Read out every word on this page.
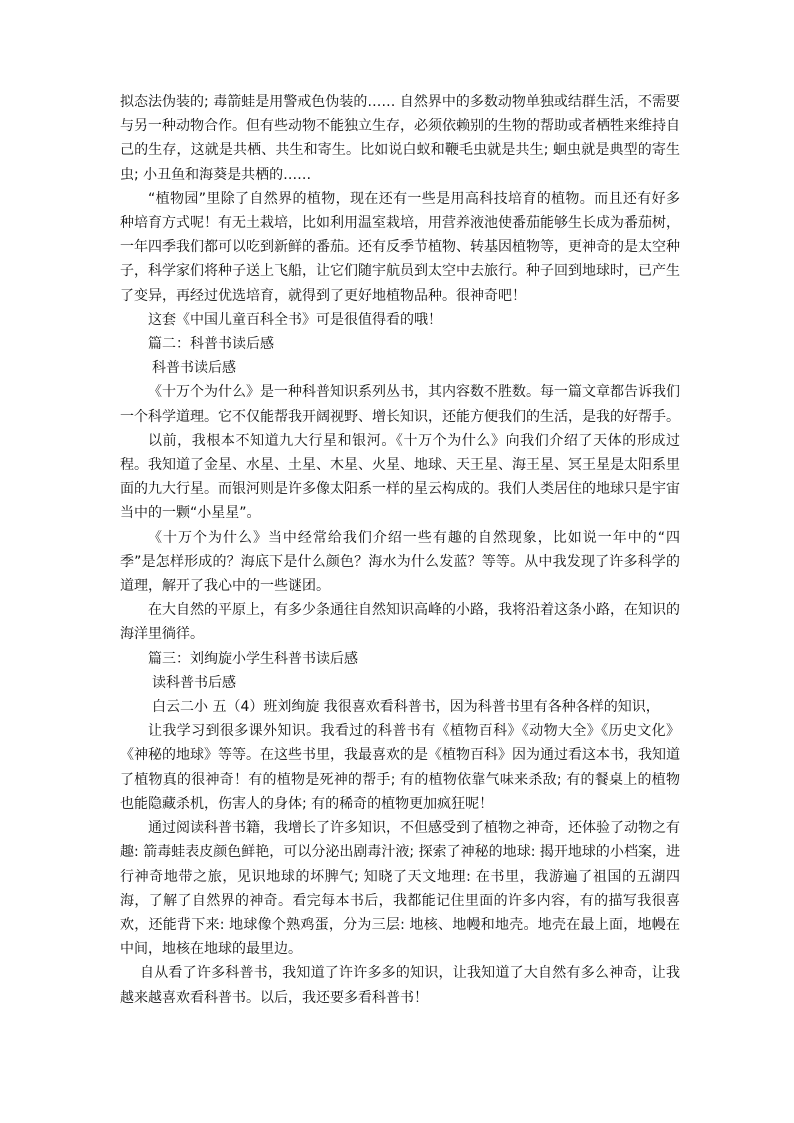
拟态法伪装的; 毒箭蛙是用警戒色伪装的…… 自然界中的多数动物单独或结群生活，不需要与另一种动物合作。但有些动物不能独立生存，必须依赖别的生物的帮助或者栖牲来维持自己的生存，这就是共栖、共生和寄生。比如说白蚁和鞭毛虫就是共生; 蛔虫就是典型的寄生虫; 小丑鱼和海葵是共栖的……

“植物园”里除了自然界的植物，现在还有一些是用高科技培育的植物。而且还有好多种培育方式呢！有无土栽培，比如利用温室栽培，用营养液池使番茄能够生长成为番茄树，一年四季我们都可以吃到新鲜的番茄。还有反季节植物、转基因植物等，更神奇的是太空种子，科学家们将种子送上飞船，让它们随宇航员到太空中去旅行。种子回到地球时，已产生了变异，再经过优选培育，就得到了更好地植物品种。很神奇吧！

这套《中国儿童百科全书》可是很值得看的哦！

篇二：科普书读后感

科普书读后感

《十万个为什么》是一种科普知识系列丛书，其内容数不胜数。每一篇文章都告诉我们一个科学道理。它不仅能帮我开阔视野、增长知识，还能方便我们的生活，是我的好帮手。

以前，我根本不知道九大行星和银河。《十万个为什么》向我们介绍了天体的形成过程。我知道了金星、水星、土星、木星、火星、地球、天王星、海王星、冥王星是太阳系里面的九大行星。而银河则是许多像太阳系一样的星云构成的。我们人类居住的地球只是宇宙当中的一颗“小星星”。

《十万个为什么》当中经常给我们介绍一些有趣的自然现象，比如说一年中的“四季”是怎样形成的？海底下是什么颜色？海水为什么发蓝？等等。从中我发现了许多科学的道理，解开了我心中的一些谜团。

在大自然的平原上，有多少条通往自然知识高峰的小路，我将沿着这条小路，在知识的海洋里徜徉。

篇三：刘绚旋小学生科普书读后感

读科普书后感

白云二小 五（4）班刘绚旋 我很喜欢看科普书，因为科普书里有各种各样的知识，

让我学习到很多课外知识。我看过的科普书有《植物百科》《动物大全》《历史文化》《神秘的地球》等等。在这些书里，我最喜欢的是《植物百科》因为通过看这本书，我知道了植物真的很神奇！有的植物是死神的帮手; 有的植物依靠气味来杀敌; 有的餐桌上的植物也能隐藏杀机，伤害人的身体; 有的稀奇的植物更加疯狂呢！

通过阅读科普书籍，我增长了许多知识，不但感受到了植物之神奇，还体验了动物之有趣: 箭毒蛙表皮颜色鲜艳，可以分泌出剧毒汁液; 探索了神秘的地球: 揭开地球的小档案，进行神奇地带之旅，见识地球的坏脾气; 知晓了天文地理: 在书里，我游遍了祖国的五湖四海，了解了自然界的神奇。看完每本书后，我都能记住里面的许多内容，有的描写我很喜欢，还能背下来: 地球像个熟鸡蛋，分为三层: 地核、地幔和地壳。地壳在最上面，地幔在中间，地核在地球的最里边。

自从看了许多科普书，我知道了许许多多的知识，让我知道了大自然有多么神奇，让我越来越喜欢看科普书。以后，我还要多看科普书！
